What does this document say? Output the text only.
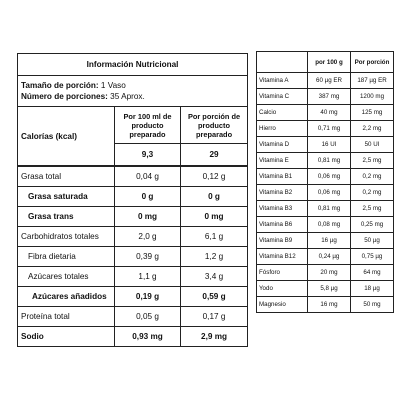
Información Nutricional		
Tamaño de porción: 1 Vaso
Número de porciones: 35 Aprox.		
Calorías (kcal)	Por 100 ml de producto preparado	Por porción de producto preparado
	9,3	29
Grasa total	0,04 g	0,12 g
Grasa saturada	0 g	0 g
Grasa trans	0 mg	0 mg
Carbohidratos totales	2,0 g	6,1 g
Fibra dietaria	0,39 g	1,2 g
Azúcares totales	1,1 g	3,4 g
Azúcares añadidos	0,19 g	0,59 g
Proteína total	0,05 g	0,17 g
Sodio	0,93 mg	2,9 mg
	por 100 g	Por porción
Vitamina A	60 µg ER	187 µg ER
Vitamina C	387 mg	1200 mg
Calcio	40 mg	125 mg
Hierro	0,71 mg	2,2 mg
Vitamina D	16 UI	50 UI
Vitamina E	0,81 mg	2,5 mg
Vitamina B1	0,06 mg	0,2 mg
Vitamina B2	0,06 mg	0,2 mg
Vitamina B3	0,81 mg	2,5 mg
Vitamina B6	0,08 mg	0,25 mg
Vitamina B9	16 µg	50 µg
Vitamina B12	0,24 µg	0,75 µg
Fósforo	20 mg	64 mg
Yodo	5,8 µg	18 µg
Magnesio	16 mg	50 mg
